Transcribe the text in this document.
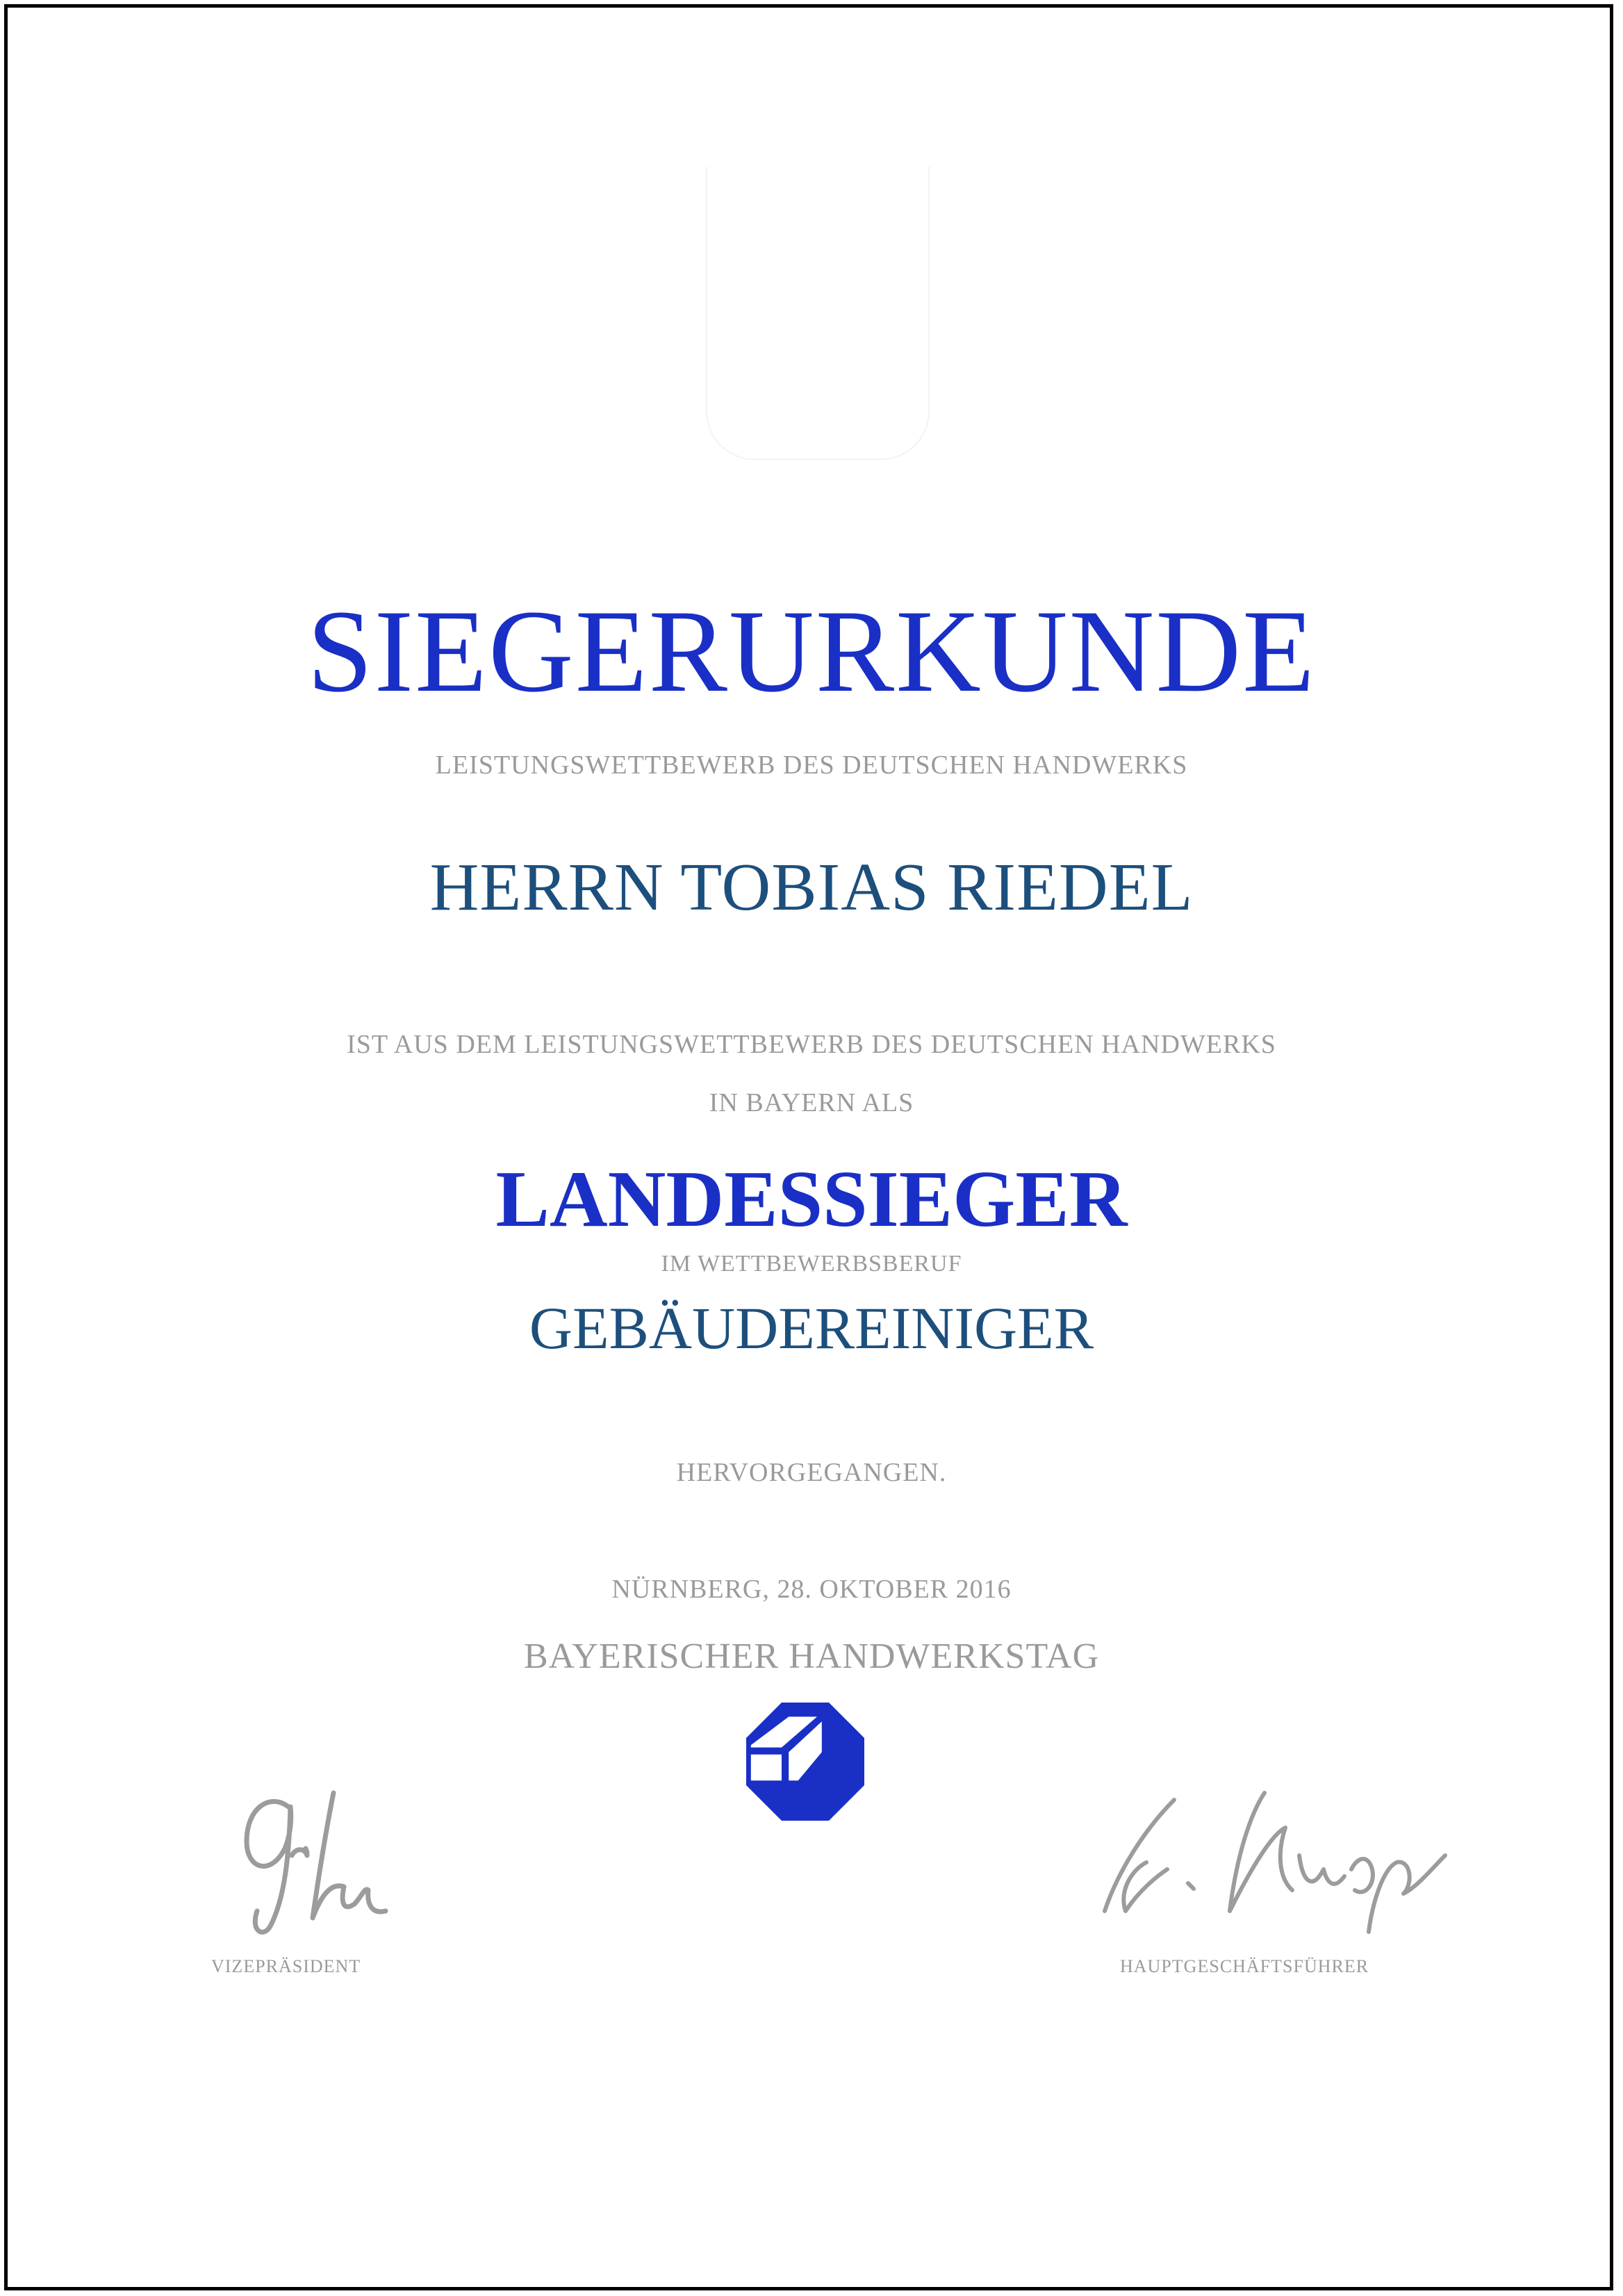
SIEGERURKUNDE
LEISTUNGSWETTBEWERB DES DEUTSCHEN HANDWERKS
HERRN TOBIAS RIEDEL
IST AUS DEM LEISTUNGSWETTBEWERB DES DEUTSCHEN HANDWERKS
IN BAYERN ALS
LANDESSIEGER
IM WETTBEWERBSBERUF
GEBÄUDEREINIGER
HERVORGEGANGEN.
NÜRNBERG, 28. OKTOBER 2016
BAYERISCHER HANDWERKSTAG
VIZEPRÄSIDENT	HAUPTGESCHÄFTSFÜHRER
